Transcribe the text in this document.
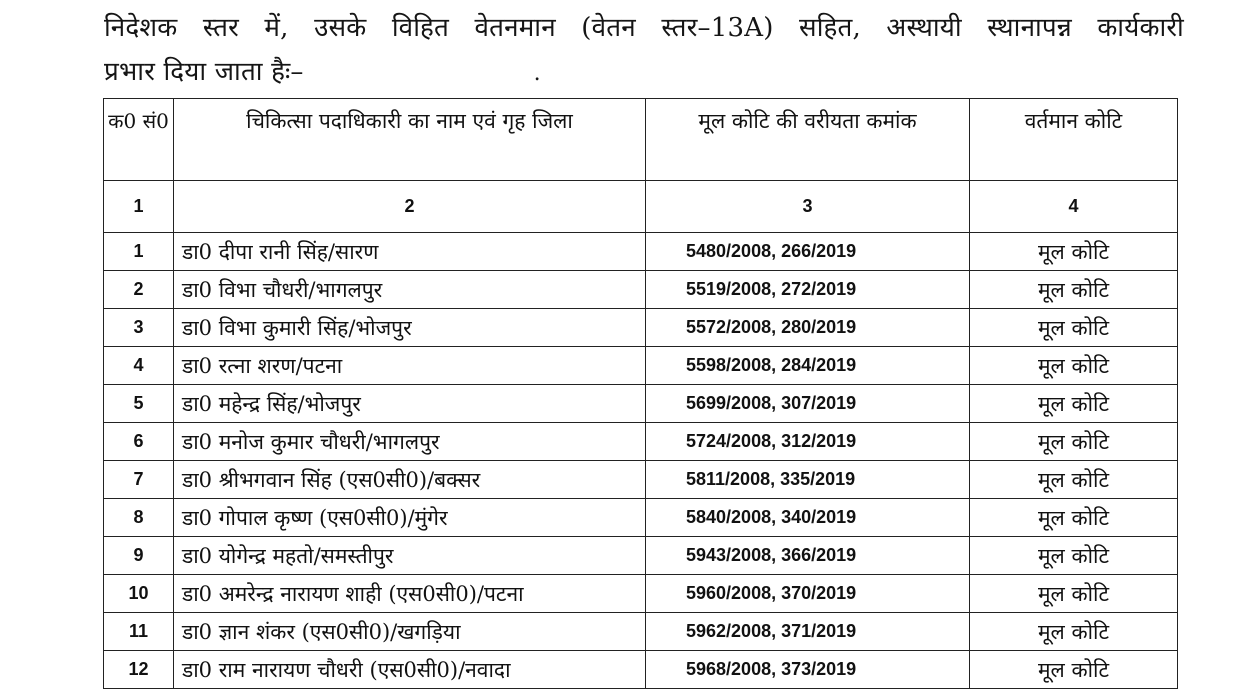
निदेशक स्तर में, उसके विहित वेतनमान (वेतन स्तर–13A) सहित, अस्थायी स्थानापन्न कार्यकारी
प्रभार दिया जाता हैः–	.
क0 सं0	चिकित्सा पदाधिकारी का नाम एवं गृह जिला	मूल कोटि की वरीयता कमांक	वर्तमान कोटि
1	2	3	4
1	डा0 दीपा रानी सिंह/सारण	5480/2008, 266/2019	मूल कोटि
2	डा0 विभा चौधरी/भागलपुर	5519/2008, 272/2019	मूल कोटि
3	डा0 विभा कुमारी सिंह/भोजपुर	5572/2008, 280/2019	मूल कोटि
4	डा0 रत्ना शरण/पटना	5598/2008, 284/2019	मूल कोटि
5	डा0 महेन्द्र सिंह/भोजपुर	5699/2008, 307/2019	मूल कोटि
6	डा0 मनोज कुमार चौधरी/भागलपुर	5724/2008, 312/2019	मूल कोटि
7	डा0 श्रीभगवान सिंह (एस0सी0)/बक्सर	5811/2008, 335/2019	मूल कोटि
8	डा0 गोपाल कृष्ण (एस0सी0)/मुंगेर	5840/2008, 340/2019	मूल कोटि
9	डा0 योगेन्द्र महतो/समस्तीपुर	5943/2008, 366/2019	मूल कोटि
10	डा0 अमरेन्द्र नारायण शाही (एस0सी0)/पटना	5960/2008, 370/2019	मूल कोटि
11	डा0 ज्ञान शंकर (एस0सी0)/खगड़िया	5962/2008, 371/2019	मूल कोटि
12	डा0 राम नारायण चौधरी (एस0सी0)/नवादा	5968/2008, 373/2019	मूल कोटि
